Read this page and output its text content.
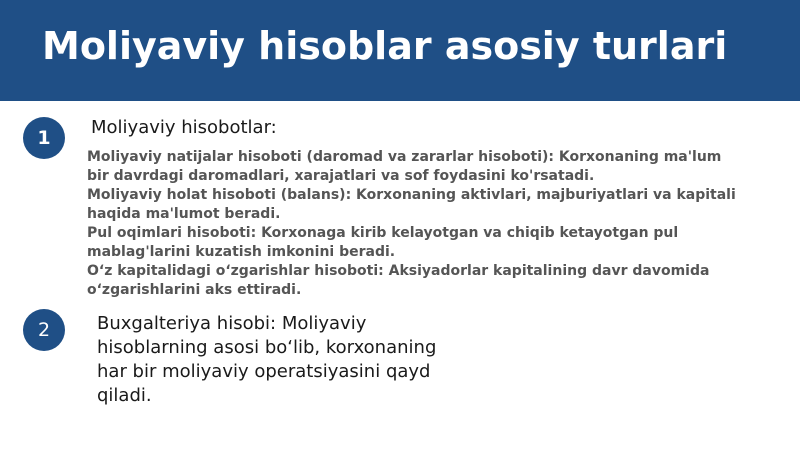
Moliyaviy hisoblar asosiy turlari
1	Moliyaviy hisobotlar:

Moliyaviy natijalar hisoboti (daromad va zararlar hisoboti): Korxonaning ma'lum bir davrdagi daromadlari, xarajatlari va sof foydasini ko'rsatadi.

Moliyaviy holat hisoboti (balans): Korxonaning aktivlari, majburiyatlari va kapitali haqida ma'lumot beradi.

Pul oqimlari hisoboti: Korxonaga kirib kelayotgan va chiqib ketayotgan pul mablag'larini kuzatish imkonini beradi.

O‘z kapitalidagi o‘zgarishlar hisoboti: Aksiyadorlar kapitalining davr davomida o‘zgarishlarini aks ettiradi.

2	Buxgalteriya hisobi: Moliyaviy hisoblarning asosi bo‘lib, korxonaning har bir moliyaviy operatsiyasini qayd qiladi.
